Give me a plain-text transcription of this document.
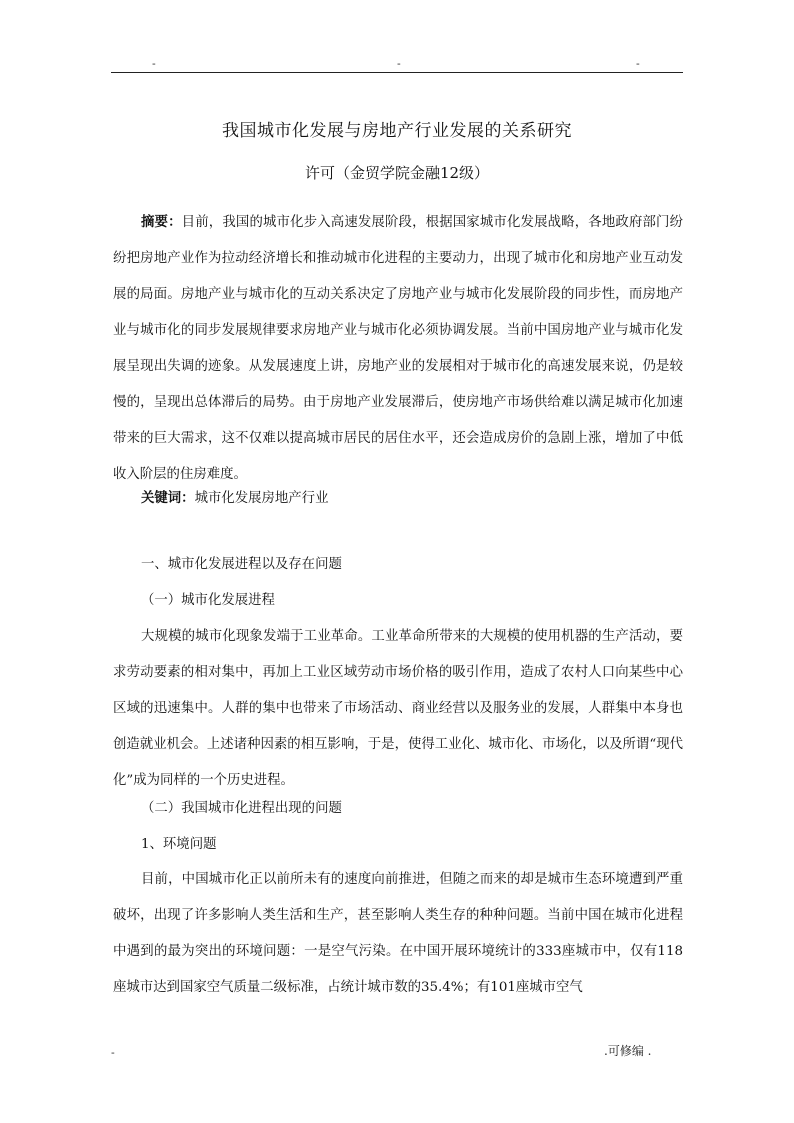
-	-	-
我国城市化发展与房地产行业发展的关系研究
许可（金贸学院金融12级）
摘要：目前，我国的城市化步入高速发展阶段，根据国家城市化发展战略，各地政府部门纷纷把房地产业作为拉动经济增长和推动城市化进程的主要动力，出现了城市化和房地产业互动发展的局面。房地产业与城市化的互动关系决定了房地产业与城市化发展阶段的同步性，而房地产业与城市化的同步发展规律要求房地产业与城市化必须协调发展。当前中国房地产业与城市化发展呈现出失调的迹象。从发展速度上讲，房地产业的发展相对于城市化的高速发展来说，仍是较慢的，呈现出总体滞后的局势。由于房地产业发展滞后，使房地产市场供给难以满足城市化加速带来的巨大需求，这不仅难以提高城市居民的居住水平，还会造成房价的急剧上涨，增加了中低收入阶层的住房难度。
关键词：城市化发展房地产行业
一、城市化发展进程以及存在问题
（一）城市化发展进程
大规模的城市化现象发端于工业革命。工业革命所带来的大规模的使用机器的生产活动，要求劳动要素的相对集中，再加上工业区域劳动市场价格的吸引作用，造成了农村人口向某些中心区域的迅速集中。人群的集中也带来了市场活动、商业经营以及服务业的发展，人群集中本身也创造就业机会。上述诸种因素的相互影响，于是，使得工业化、城市化、市场化，以及所谓“现代化”成为同样的一个历史进程。
（二）我国城市化进程出现的问题
1、环境问题
目前，中国城市化正以前所未有的速度向前推进，但随之而来的却是城市生态环境遭到严重破坏，出现了许多影响人类生活和生产，甚至影响人类生存的种种问题。当前中国在城市化进程中遇到的最为突出的环境问题：一是空气污染。在中国开展环境统计的333座城市中，仅有118座城市达到国家空气质量二级标准，占统计城市数的35.4%；有101座城市空气
-	.可修编 .
